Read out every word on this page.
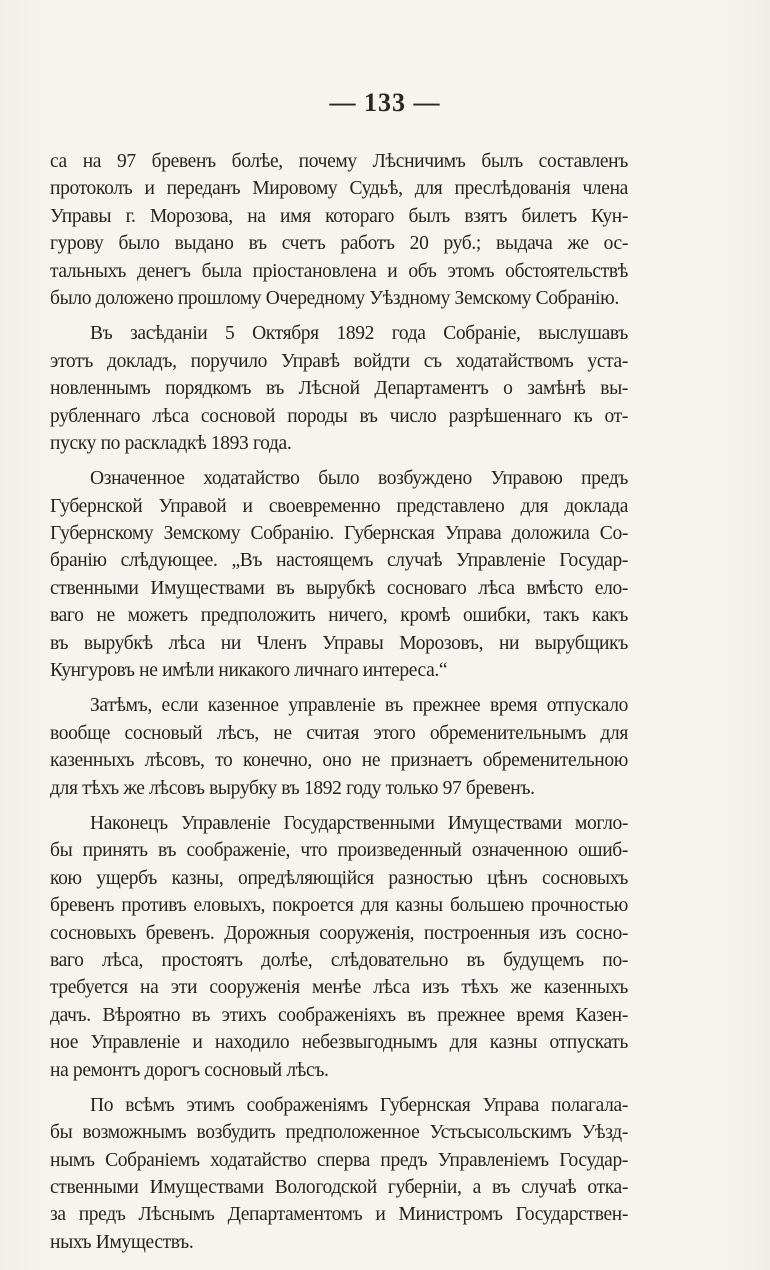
— 133 —
са на 97 бревенъ болѣе, почему Лѣсничимъ былъ составленъ
протоколъ и переданъ Мировому Судьѣ, для преслѣдованія члена
Управы г. Морозова, на имя котораго былъ взятъ билетъ Кун-
гурову было выдано въ счетъ работъ 20 руб.; выдача же ос-
тальныхъ денегъ была пріостановлена и объ этомъ обстоятельствѣ
было доложено прошлому Очередному Уѣздному Земскому Собранію.
Въ засѣданіи 5 Октября 1892 года Собраніе, выслушавъ
этотъ докладъ, поручило Управѣ войдти съ ходатайствомъ уста-
новленнымъ порядкомъ въ Лѣсной Департаментъ о замѣнѣ вы-
рубленнаго лѣса сосновой породы въ число разрѣшеннаго къ от-
пуску по раскладкѣ 1893 года.
Означенное ходатайство было возбуждено Управою предъ
Губернской Управой и своевременно представлено для доклада
Губернскому Земскому Собранію. Губернская Управа доложила Со-
бранію слѣдующее. „Въ настоящемъ случаѣ Управленіе Государ-
ственными Имуществами въ вырубкѣ сосноваго лѣса вмѣсто ело-
ваго не можетъ предположить ничего, кромѣ ошибки, такъ какъ
въ вырубкѣ лѣса ни Членъ Управы Морозовъ, ни вырубщикъ
Кунгуровъ не имѣли никакого личнаго интереса.“
Затѣмъ, если казенное управленіе въ прежнее время отпускало
вообще сосновый лѣсъ, не считая этого обременительнымъ для
казенныхъ лѣсовъ, то конечно, оно не признаетъ обременительною
для тѣхъ же лѣсовъ вырубку въ 1892 году только 97 бревенъ.
Наконецъ Управленіе Государственными Имуществами могло-
бы принять въ соображеніе, что произведенный означенною ошиб-
кою ущербъ казны, опредѣляющійся разностью цѣнъ сосновыхъ
бревенъ противъ еловыхъ, покроется для казны большею прочностью
сосновыхъ бревенъ. Дорожныя сооруженія, построенныя изъ сосно-
ваго лѣса, простоятъ долѣе, слѣдовательно въ будущемъ по-
требуется на эти сооруженія менѣе лѣса изъ тѣхъ же казенныхъ
дачъ. Вѣроятно въ этихъ соображеніяхъ въ прежнее время Казен-
ное Управленіе и находило небезвыгоднымъ для казны отпускать
на ремонтъ дорогъ сосновый лѣсъ.
По всѣмъ этимъ соображеніямъ Губернская Управа полагала-
бы возможнымъ возбудить предположенное Устьсысольскимъ Уѣзд-
нымъ Собраніемъ ходатайство сперва предъ Управленіемъ Государ-
ственными Имуществами Вологодской губерніи, а въ случаѣ отка-
за предъ Лѣснымъ Департаментомъ и Министромъ Государствен-
ныхъ Имуществъ.
